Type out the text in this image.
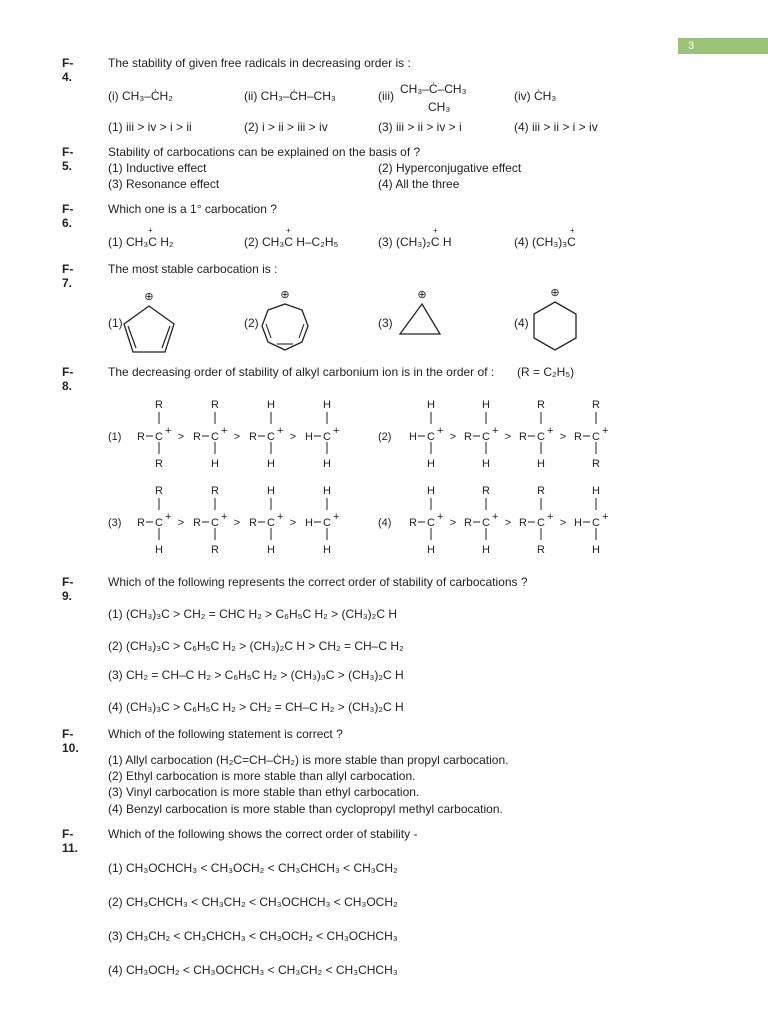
3
F-4.
The stability of given free radicals in decreasing order is :
(i) CH₃–ĊH₂	(ii) CH₃–ĊH–CH₃	(iii) CH₃–Ċ–CH₃
CH₃
(iv) ĊH₃
(1) iii > iv > i > ii	(2) i > ii > iii > iv	(3) iii > ii > iv > i	(4) iii > ii > i > iv
F-5.
Stability of carbocations can be explained on the basis of ?
(1) Inductive effect	(2) Hyperconjugative effect
(3) Resonance effect	(4) All the three
F-6.
Which one is a 1° carbocation ?
+
(1) CH₃C H₂
+
(2) CH₃C H–C₂H₅
+
(3) (CH₃)₂C H
+
(4) (CH₃)₃C
F-7.
The most stable carbocation is :
(1)	(2)	(3)	(4)
⊕	⊕	⊕	⊕
F-8.
The decreasing order of stability of alkyl carbonium ion is in the order of : (R = C₂H₅)
(1)
R
R C +
R
>
R
R C +
H
>
H
R C +
H
>
H
H C +
H
(2)
H
H C +
H
>
H
R C +
H
>
R
R C +
H
>
R
R C +
R
(3)
R
R C +
H
>
R
R C +
R
>
H
R C +
H
>
H
H C +
H
(4)
H
R C +
H
>
R
R C +
H
>
R
R C +
R
>
H
H C +
H
F-9.
Which of the following represents the correct order of stability of carbocations ?
(1) (CH₃)₃C > CH₂ = CHC H₂ > C₆H₅C H₂ > (CH₃)₂C H
(2) (CH₃)₃C > C₆H₅C H₂ > (CH₃)₂C H > CH₂ = CH–C H₂
(3) CH₂ = CH–C H₂ > C₆H₅C H₂ > (CH₃)₃C > (CH₃)₂C H
(4) (CH₃)₃C > C₆H₅C H₂ > CH₂ = CH–C H₂ > (CH₃)₂C H
F-10.
Which of the following statement is correct ?
(1) Allyl carbocation (H₂C=CH–ĊH₂) is more stable than propyl carbocation.
(2) Ethyl carbocation is more stable than allyl carbocation.
(3) Vinyl carbocation is more stable than ethyl carbocation.
(4) Benzyl carbocation is more stable than cyclopropyl methyl carbocation.
F-11.
Which of the following shows the correct order of stability -
(1) CH₃OCHCH₃ < CH₃OCH₂ < CH₃CHCH₃ < CH₃CH₂
(2) CH₃CHCH₃ < CH₃CH₂ < CH₃OCHCH₃ < CH₃OCH₂
(3) CH₃CH₂ < CH₃CHCH₃ < CH₃OCH₂ < CH₃OCHCH₃
(4) CH₃OCH₂ < CH₃OCHCH₃ < CH₃CH₂ < CH₃CHCH₃
